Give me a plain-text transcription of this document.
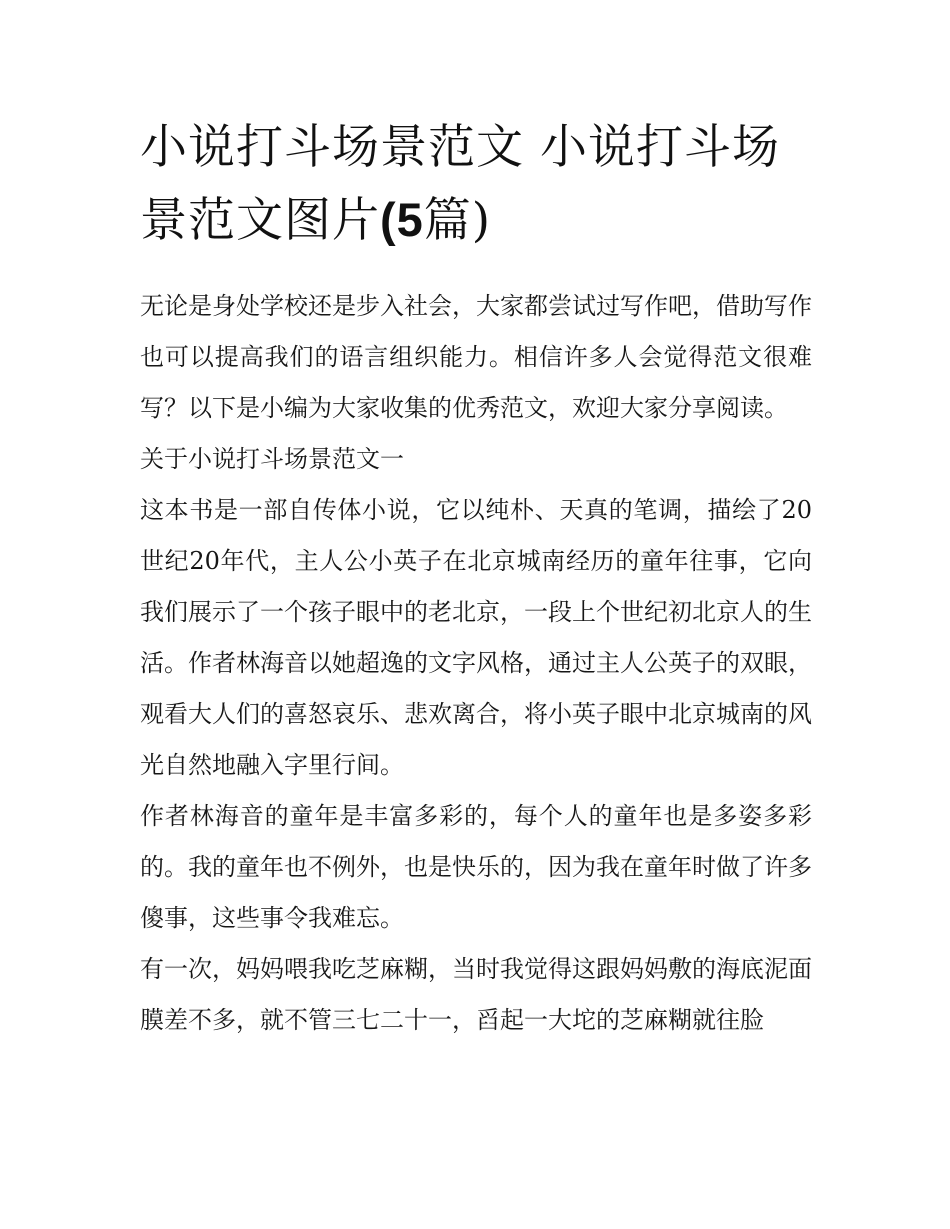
小说打斗场景范文 小说打斗场景范文图片(5篇)

无论是身处学校还是步入社会，大家都尝试过写作吧，借助写作也可以提高我们的语言组织能力。相信许多人会觉得范文很难写？以下是小编为大家收集的优秀范文，欢迎大家分享阅读。

关于小说打斗场景范文一

这本书是一部自传体小说，它以纯朴、天真的笔调，描绘了20世纪20年代，主人公小英子在北京城南经历的童年往事，它向我们展示了一个孩子眼中的老北京，一段上个世纪初北京人的生活。作者林海音以她超逸的文字风格，通过主人公英子的双眼，观看大人们的喜怒哀乐、悲欢离合，将小英子眼中北京城南的风光自然地融入字里行间。

作者林海音的童年是丰富多彩的，每个人的童年也是多姿多彩的。我的童年也不例外，也是快乐的，因为我在童年时做了许多傻事，这些事令我难忘。

有一次，妈妈喂我吃芝麻糊，当时我觉得这跟妈妈敷的海底泥面膜差不多，就不管三七二十一，舀起一大坨的芝麻糊就往脸
